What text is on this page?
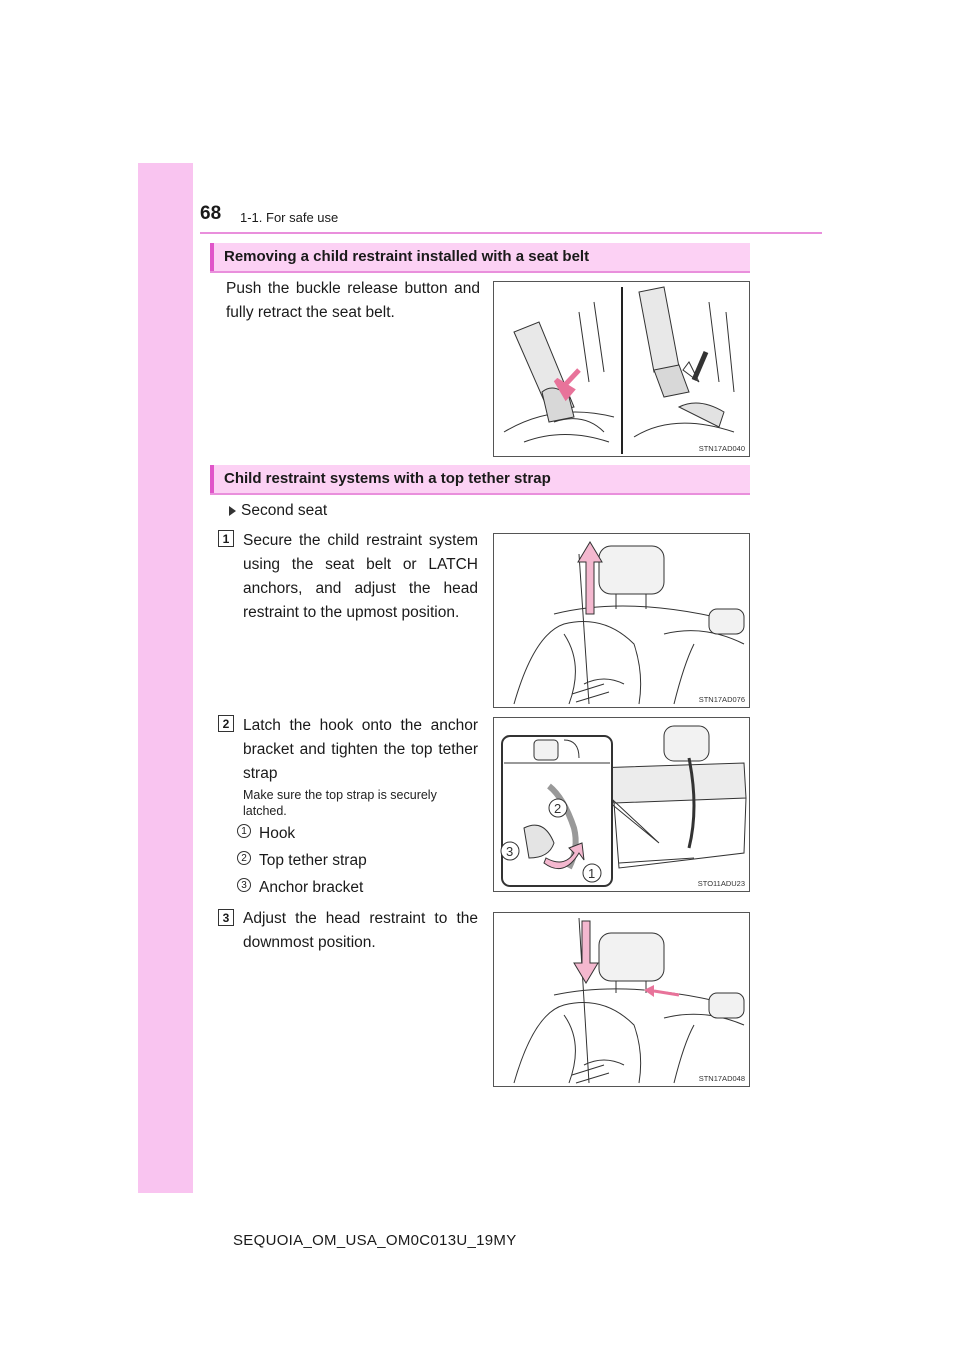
68 1-1. For safe use
Removing a child restraint installed with a seat belt
Push the buckle release button and fully retract the seat belt.
STN17AD040
Child restraint systems with a top tether strap
Second seat
1 Secure the child restraint system using the seat belt or LATCH anchors, and adjust the head restraint to the upmost position.
STN17AD076
2 Latch the hook onto the anchor bracket and tighten the top tether strap
Make sure the top strap is securely latched.
1 Hook
2 Top tether strap
3 Anchor bracket
2
3
1
STO11ADU23
3 Adjust the head restraint to the downmost position.
STN17AD048
SEQUOIA_OM_USA_OM0C013U_19MY
